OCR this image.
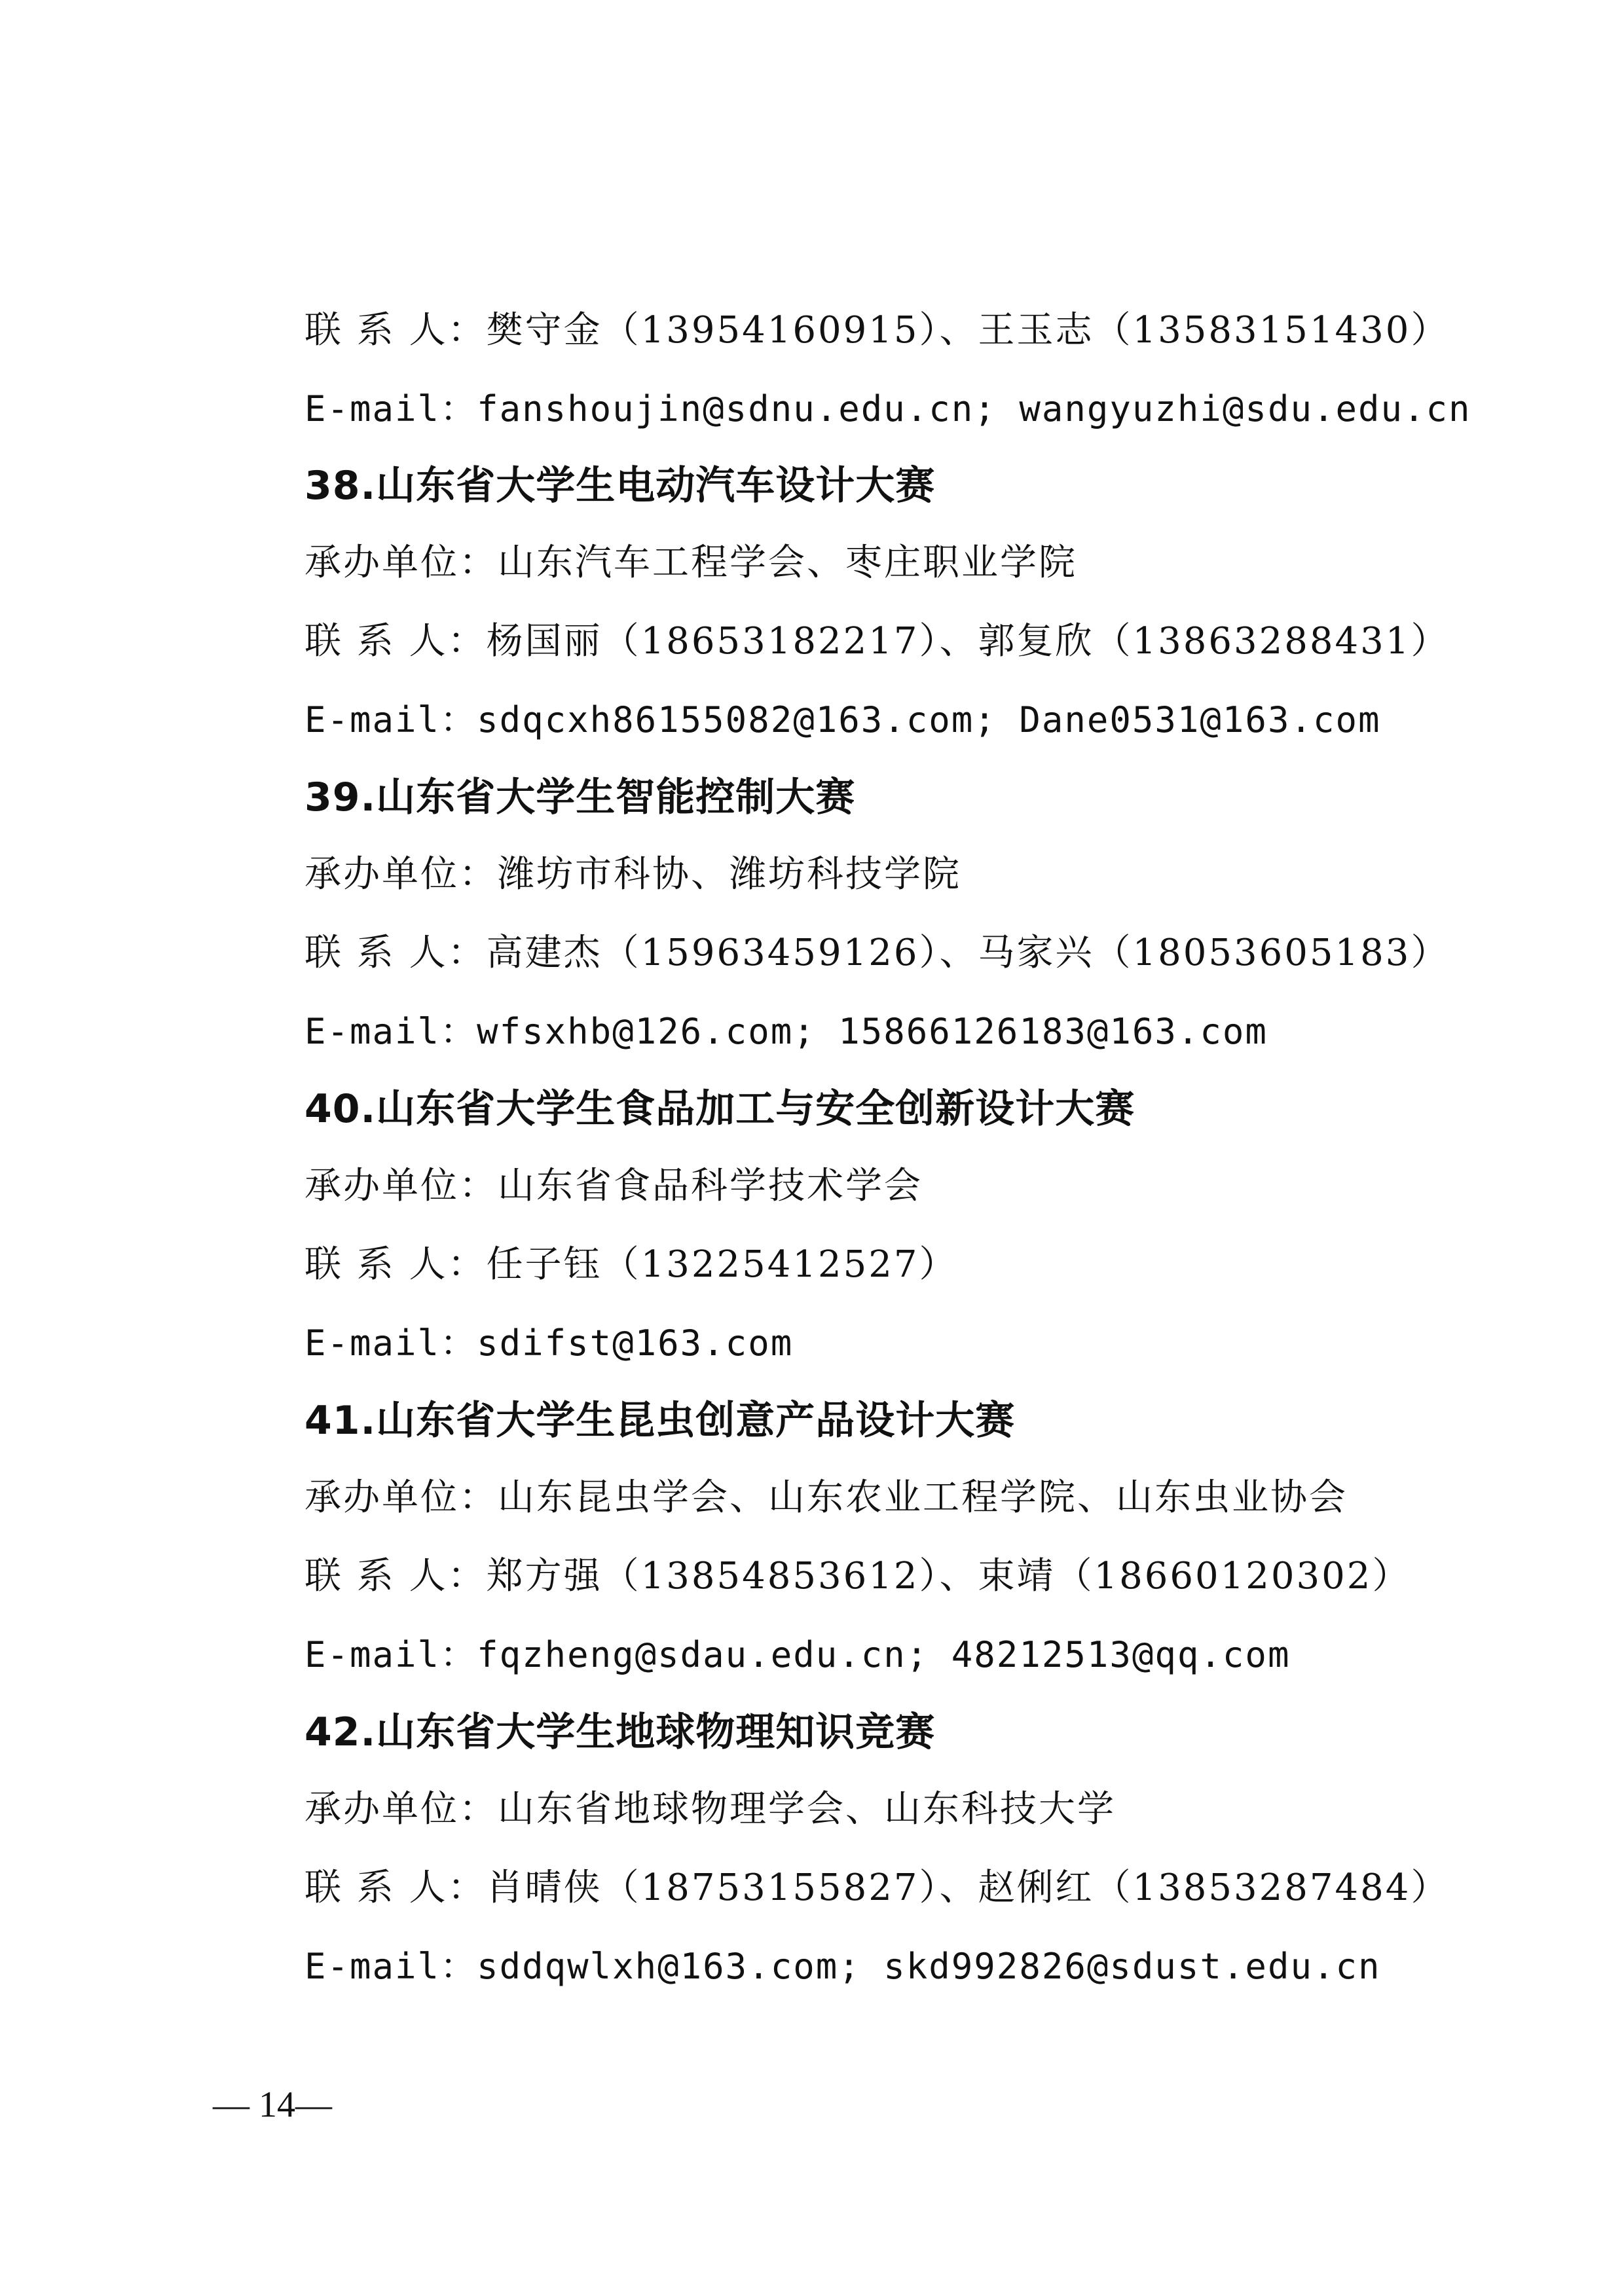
联 系 人：樊守金（13954160915）、王玉志（13583151430）
E-mail：fanshoujin@sdnu.edu.cn; wangyuzhi@sdu.edu.cn
38.山东省大学生电动汽车设计大赛
承办单位：山东汽车工程学会、枣庄职业学院
联 系 人：杨国丽（18653182217）、郭复欣（13863288431）
E-mail：sdqcxh86155082@163.com; Dane0531@163.com
39.山东省大学生智能控制大赛
承办单位：潍坊市科协、潍坊科技学院
联 系 人：高建杰（15963459126）、马家兴（18053605183）
E-mail：wfsxhb@126.com; 15866126183@163.com
40.山东省大学生食品加工与安全创新设计大赛
承办单位：山东省食品科学技术学会
联 系 人：任子钰（13225412527）
E-mail：sdifst@163.com
41.山东省大学生昆虫创意产品设计大赛
承办单位：山东昆虫学会、山东农业工程学院、山东虫业协会
联 系 人：郑方强（13854853612）、束靖（18660120302）
E-mail：fqzheng@sdau.edu.cn; 48212513@qq.com
42.山东省大学生地球物理知识竞赛
承办单位：山东省地球物理学会、山东科技大学
联 系 人：肖晴侠（18753155827）、赵俐红（13853287484）
E-mail：sddqwlxh@163.com; skd992826@sdust.edu.cn
— 14—
